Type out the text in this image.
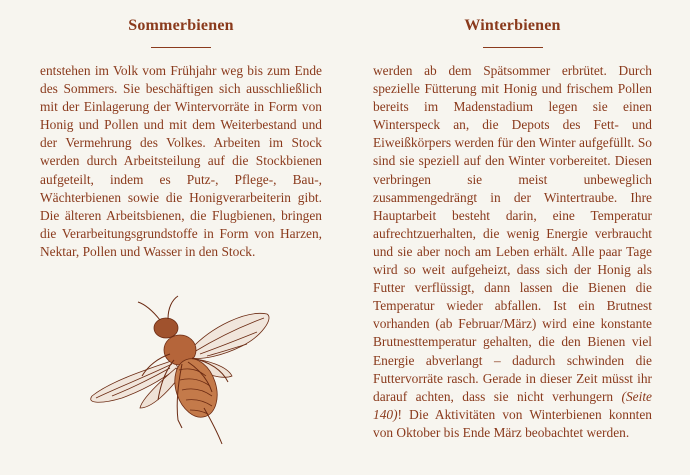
Sommerbienen
entstehen im Volk vom Frühjahr weg bis zum Ende des Sommers. Sie beschäftigen sich ausschließlich mit der Einlagerung der Wintervorräte in Form von Honig und Pollen und mit dem Weiterbestand und der Vermehrung des Volkes. Arbeiten im Stock werden durch Arbeitsteilung auf die Stockbienen aufgeteilt, indem es Putz-, Pflege-, Bau-, Wächterbienen sowie die Honigverarbeiterin gibt. Die älteren Arbeitsbienen, die Flugbienen, bringen die Verarbeitungsgrundstoffe in Form von Harzen, Nektar, Pollen und Wasser in den Stock.
Winterbienen
werden ab dem Spätsommer erbrütet. Durch spezielle Fütterung mit Honig und frischem Pollen bereits im Madenstadium legen sie einen Winterspeck an, die Depots des Fett- und Eiweißkörpers werden für den Winter aufgefüllt. So sind sie speziell auf den Winter vorbereitet. Diesen verbringen sie meist unbeweglich zusammengedrängt in der Wintertraube. Ihre Hauptarbeit besteht darin, eine Temperatur aufrechtzuerhalten, die wenig Energie verbraucht und sie aber noch am Leben erhält. Alle paar Tage wird so weit aufgeheizt, dass sich der Honig als Futter verflüssigt, dann lassen die Bienen die Temperatur wieder abfallen. Ist ein Brutnest vorhanden (ab Februar/März) wird eine konstante Brutnesttemperatur gehalten, die den Bienen viel Energie abverlangt – dadurch schwinden die Futtervorräte rasch. Gerade in dieser Zeit müsst ihr darauf achten, dass sie nicht verhungern (Seite 140)! Die Aktivitäten von Winterbienen konnten von Oktober bis Ende März beobachtet werden.
